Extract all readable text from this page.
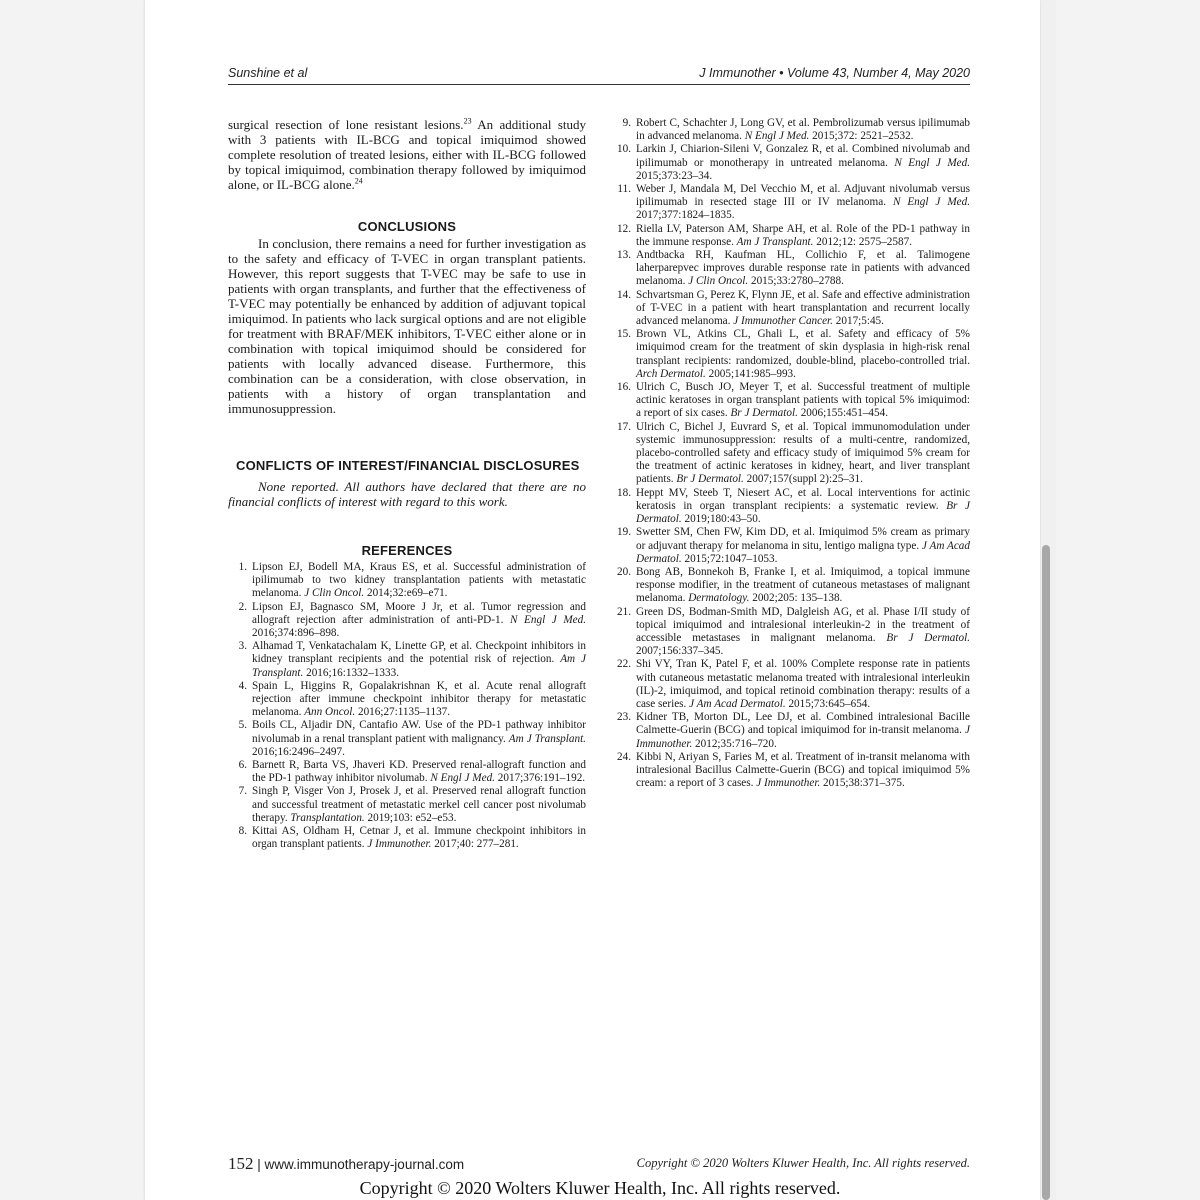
Sunshine et al	J Immunother • Volume 43, Number 4, May 2020

surgical resection of lone resistant lesions.$^{23}$ An additional study with 3 patients with IL-BCG and topical imiquimod showed complete resolution of treated lesions, either with IL-BCG followed by topical imiquimod, combination therapy followed by imiquimod alone, or IL-BCG alone.$^{24}$

CONCLUSIONS

In conclusion, there remains a need for further investigation as to the safety and efficacy of T-VEC in organ transplant patients. However, this report suggests that T-VEC may be safe to use in patients with organ transplants, and further that the effectiveness of T-VEC may potentially be enhanced by addition of adjuvant topical imiquimod. In patients who lack surgical options and are not eligible for treatment with BRAF/MEK inhibitors, T-VEC either alone or in combination with topical imiquimod should be considered for patients with locally advanced disease. Furthermore, this combination can be a consideration, with close observation, in patients with a history of organ transplantation and immunosuppression.

CONFLICTS OF INTEREST/FINANCIAL DISCLOSURES

None reported. All authors have declared that there are no financial conflicts of interest with regard to this work.

REFERENCES

1. Lipson EJ, Bodell MA, Kraus ES, et al. Successful administration of ipilimumab to two kidney transplantation patients with metastatic melanoma. J Clin Oncol. 2014;32:e69–e71.
2. Lipson EJ, Bagnasco SM, Moore J Jr, et al. Tumor regression and allograft rejection after administration of anti-PD-1. N Engl J Med. 2016;374:896–898.
3. Alhamad T, Venkatachalam K, Linette GP, et al. Checkpoint inhibitors in kidney transplant recipients and the potential risk of rejection. Am J Transplant. 2016;16:1332–1333.
4. Spain L, Higgins R, Gopalakrishnan K, et al. Acute renal allograft rejection after immune checkpoint inhibitor therapy for metastatic melanoma. Ann Oncol. 2016;27:1135–1137.
5. Boils CL, Aljadir DN, Cantafio AW. Use of the PD-1 pathway inhibitor nivolumab in a renal transplant patient with malignancy. Am J Transplant. 2016;16:2496–2497.
6. Barnett R, Barta VS, Jhaveri KD. Preserved renal-allograft function and the PD-1 pathway inhibitor nivolumab. N Engl J Med. 2017;376:191–192.
7. Singh P, Visger Von J, Prosek J, et al. Preserved renal allograft function and successful treatment of metastatic merkel cell cancer post nivolumab therapy. Transplantation. 2019;103: e52–e53.
8. Kittai AS, Oldham H, Cetnar J, et al. Immune checkpoint inhibitors in organ transplant patients. J Immunother. 2017;40: 277–281.
9. Robert C, Schachter J, Long GV, et al. Pembrolizumab versus ipilimumab in advanced melanoma. N Engl J Med. 2015;372: 2521–2532.
10. Larkin J, Chiarion-Sileni V, Gonzalez R, et al. Combined nivolumab and ipilimumab or monotherapy in untreated melanoma. N Engl J Med. 2015;373:23–34.
11. Weber J, Mandala M, Del Vecchio M, et al. Adjuvant nivolumab versus ipilimumab in resected stage III or IV melanoma. N Engl J Med. 2017;377:1824–1835.
12. Riella LV, Paterson AM, Sharpe AH, et al. Role of the PD-1 pathway in the immune response. Am J Transplant. 2012;12: 2575–2587.
13. Andtbacka RH, Kaufman HL, Collichio F, et al. Talimogene laherparepvec improves durable response rate in patients with advanced melanoma. J Clin Oncol. 2015;33:2780–2788.
14. Schvartsman G, Perez K, Flynn JE, et al. Safe and effective administration of T-VEC in a patient with heart transplantation and recurrent locally advanced melanoma. J Immunother Cancer. 2017;5:45.
15. Brown VL, Atkins CL, Ghali L, et al. Safety and efficacy of 5% imiquimod cream for the treatment of skin dysplasia in high-risk renal transplant recipients: randomized, double-blind, placebo-controlled trial. Arch Dermatol. 2005;141:985–993.
16. Ulrich C, Busch JO, Meyer T, et al. Successful treatment of multiple actinic keratoses in organ transplant patients with topical 5% imiquimod: a report of six cases. Br J Dermatol. 2006;155:451–454.
17. Ulrich C, Bichel J, Euvrard S, et al. Topical immunomodulation under systemic immunosuppression: results of a multi-centre, randomized, placebo-controlled safety and efficacy study of imiquimod 5% cream for the treatment of actinic keratoses in kidney, heart, and liver transplant patients. Br J Dermatol. 2007;157(suppl 2):25–31.
18. Heppt MV, Steeb T, Niesert AC, et al. Local interventions for actinic keratosis in organ transplant recipients: a systematic review. Br J Dermatol. 2019;180:43–50.
19. Swetter SM, Chen FW, Kim DD, et al. Imiquimod 5% cream as primary or adjuvant therapy for melanoma in situ, lentigo maligna type. J Am Acad Dermatol. 2015;72:1047–1053.
20. Bong AB, Bonnekoh B, Franke I, et al. Imiquimod, a topical immune response modifier, in the treatment of cutaneous metastases of malignant melanoma. Dermatology. 2002;205: 135–138.
21. Green DS, Bodman-Smith MD, Dalgleish AG, et al. Phase I/II study of topical imiquimod and intralesional interleukin-2 in the treatment of accessible metastases in malignant melanoma. Br J Dermatol. 2007;156:337–345.
22. Shi VY, Tran K, Patel F, et al. 100% Complete response rate in patients with cutaneous metastatic melanoma treated with intralesional interleukin (IL)-2, imiquimod, and topical retinoid combination therapy: results of a case series. J Am Acad Dermatol. 2015;73:645–654.
23. Kidner TB, Morton DL, Lee DJ, et al. Combined intralesional Bacille Calmette-Guerin (BCG) and topical imiquimod for in-transit melanoma. J Immunother. 2012;35:716–720.
24. Kibbi N, Ariyan S, Faries M, et al. Treatment of in-transit melanoma with intralesional Bacillus Calmette-Guerin (BCG) and topical imiquimod 5% cream: a report of 3 cases. J Immunother. 2015;38:371–375.
152 | www.immunotherapy-journal.com	Copyright © 2020 Wolters Kluwer Health, Inc. All rights reserved.
Copyright © 2020 Wolters Kluwer Health, Inc. All rights reserved.
